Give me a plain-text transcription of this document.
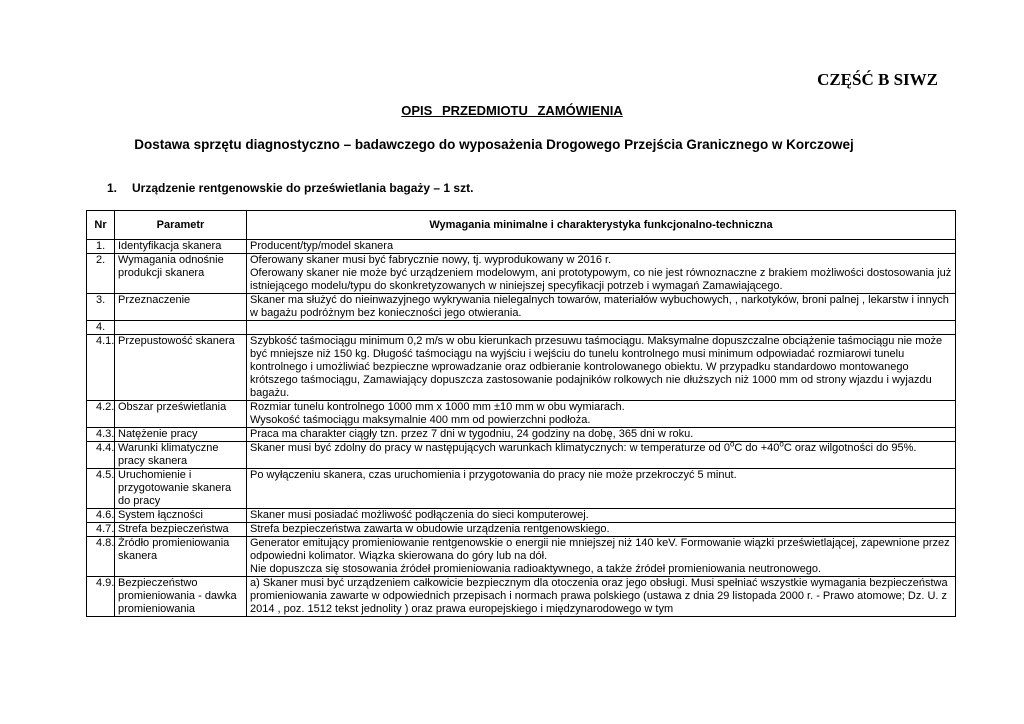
CZĘŚĆ B SIWZ
OPIS PRZEDMIOTU ZAMÓWIENIA
Dostawa sprzętu diagnostyczno – badawczego do wyposażenia Drogowego Przejścia Granicznego w Korczowej
1. Urządzenie rentgenowskie do prześwietlania bagaży – 1 szt.
Nr	Parametr	Wymagania minimalne i charakterystyka funkcjonalno-techniczna
1.	Identyfikacja skanera	Producent/typ/model skanera

2.	Wymagania odnośnie produkcji skanera	Oferowany skaner musi być fabrycznie nowy, tj. wyprodukowany w 2016 r.
Oferowany skaner nie może być urządzeniem modelowym, ani prototypowym, co nie jest równoznaczne z brakiem możliwości dostosowania już istniejącego modelu/typu do skonkretyzowanych w niniejszej specyfikacji potrzeb i wymagań Zamawiającego.

3.	Przeznaczenie	Skaner ma służyć do nieinwazyjnego wykrywania nielegalnych towarów, materiałów wybuchowych, , narkotyków, broni palnej , lekarstw i innych w bagażu podróżnym bez konieczności jego otwierania.

4.		

4.1.	Przepustowość skanera	Szybkość taśmociągu minimum 0,2 m/s w obu kierunkach przesuwu taśmociągu. Maksymalne dopuszczalne obciążenie taśmociągu nie może być mniejsze niż 150 kg. Długość taśmociągu na wyjściu i wejściu do tunelu kontrolnego musi minimum odpowiadać rozmiarowi tunelu kontrolnego i umożliwiać bezpieczne wprowadzanie oraz odbieranie kontrolowanego obiektu. W przypadku standardowo montowanego krótszego taśmociągu, Zamawiający dopuszcza zastosowanie podajników rolkowych nie dłuższych niż 1000 mm od strony wjazdu i wyjazdu bagażu.

4.2.	Obszar prześwietlania	Rozmiar tunelu kontrolnego 1000 mm x 1000 mm ±10 mm w obu wymiarach.
Wysokość taśmociągu maksymalnie 400 mm od powierzchni podłoża.

4.3.	Natężenie pracy	Praca ma charakter ciągły tzn. przez 7 dni w tygodniu, 24 godziny na dobę, 365 dni w roku.

4.4.	Warunki klimatyczne pracy skanera	Skaner musi być zdolny do pracy w następujących warunkach klimatycznych: w temperaturze od 0$^o$C do $+40^oC$ oraz wilgotności do 95%.

4.5.	Uruchomienie i przygotowanie skanera do pracy	Po wyłączeniu skanera, czas uruchomienia i przygotowania do pracy nie może przekroczyć 5 minut.

4.6.	System łączności	Skaner musi posiadać możliwość podłączenia do sieci komputerowej.

4.7.	Strefa bezpieczeństwa	Strefa bezpieczeństwa zawarta w obudowie urządzenia rentgenowskiego.

4.8.	Źródło promieniowania skanera	Generator emitujący promieniowanie rentgenowskie o energii nie mniejszej niż 140 keV. Formowanie wiązki prześwietlającej, zapewnione przez odpowiedni kolimator. Wiązka skierowana do góry lub na dół.
Nie dopuszcza się stosowania źródeł promieniowania radioaktywnego, a także źródeł promieniowania neutronowego.

4.9.	Bezpieczeństwo promieniowania - dawka promieniowania	a) Skaner musi być urządzeniem całkowicie bezpiecznym dla otoczenia oraz jego obsługi. Musi spełniać wszystkie wymagania bezpieczeństwa promieniowania zawarte w odpowiednich przepisach i normach prawa polskiego (ustawa z dnia 29 listopada 2000 r. - Prawo atomowe; Dz. U. z 2014 , poz. 1512 tekst jednolity ) oraz prawa europejskiego i międzynarodowego w tym
